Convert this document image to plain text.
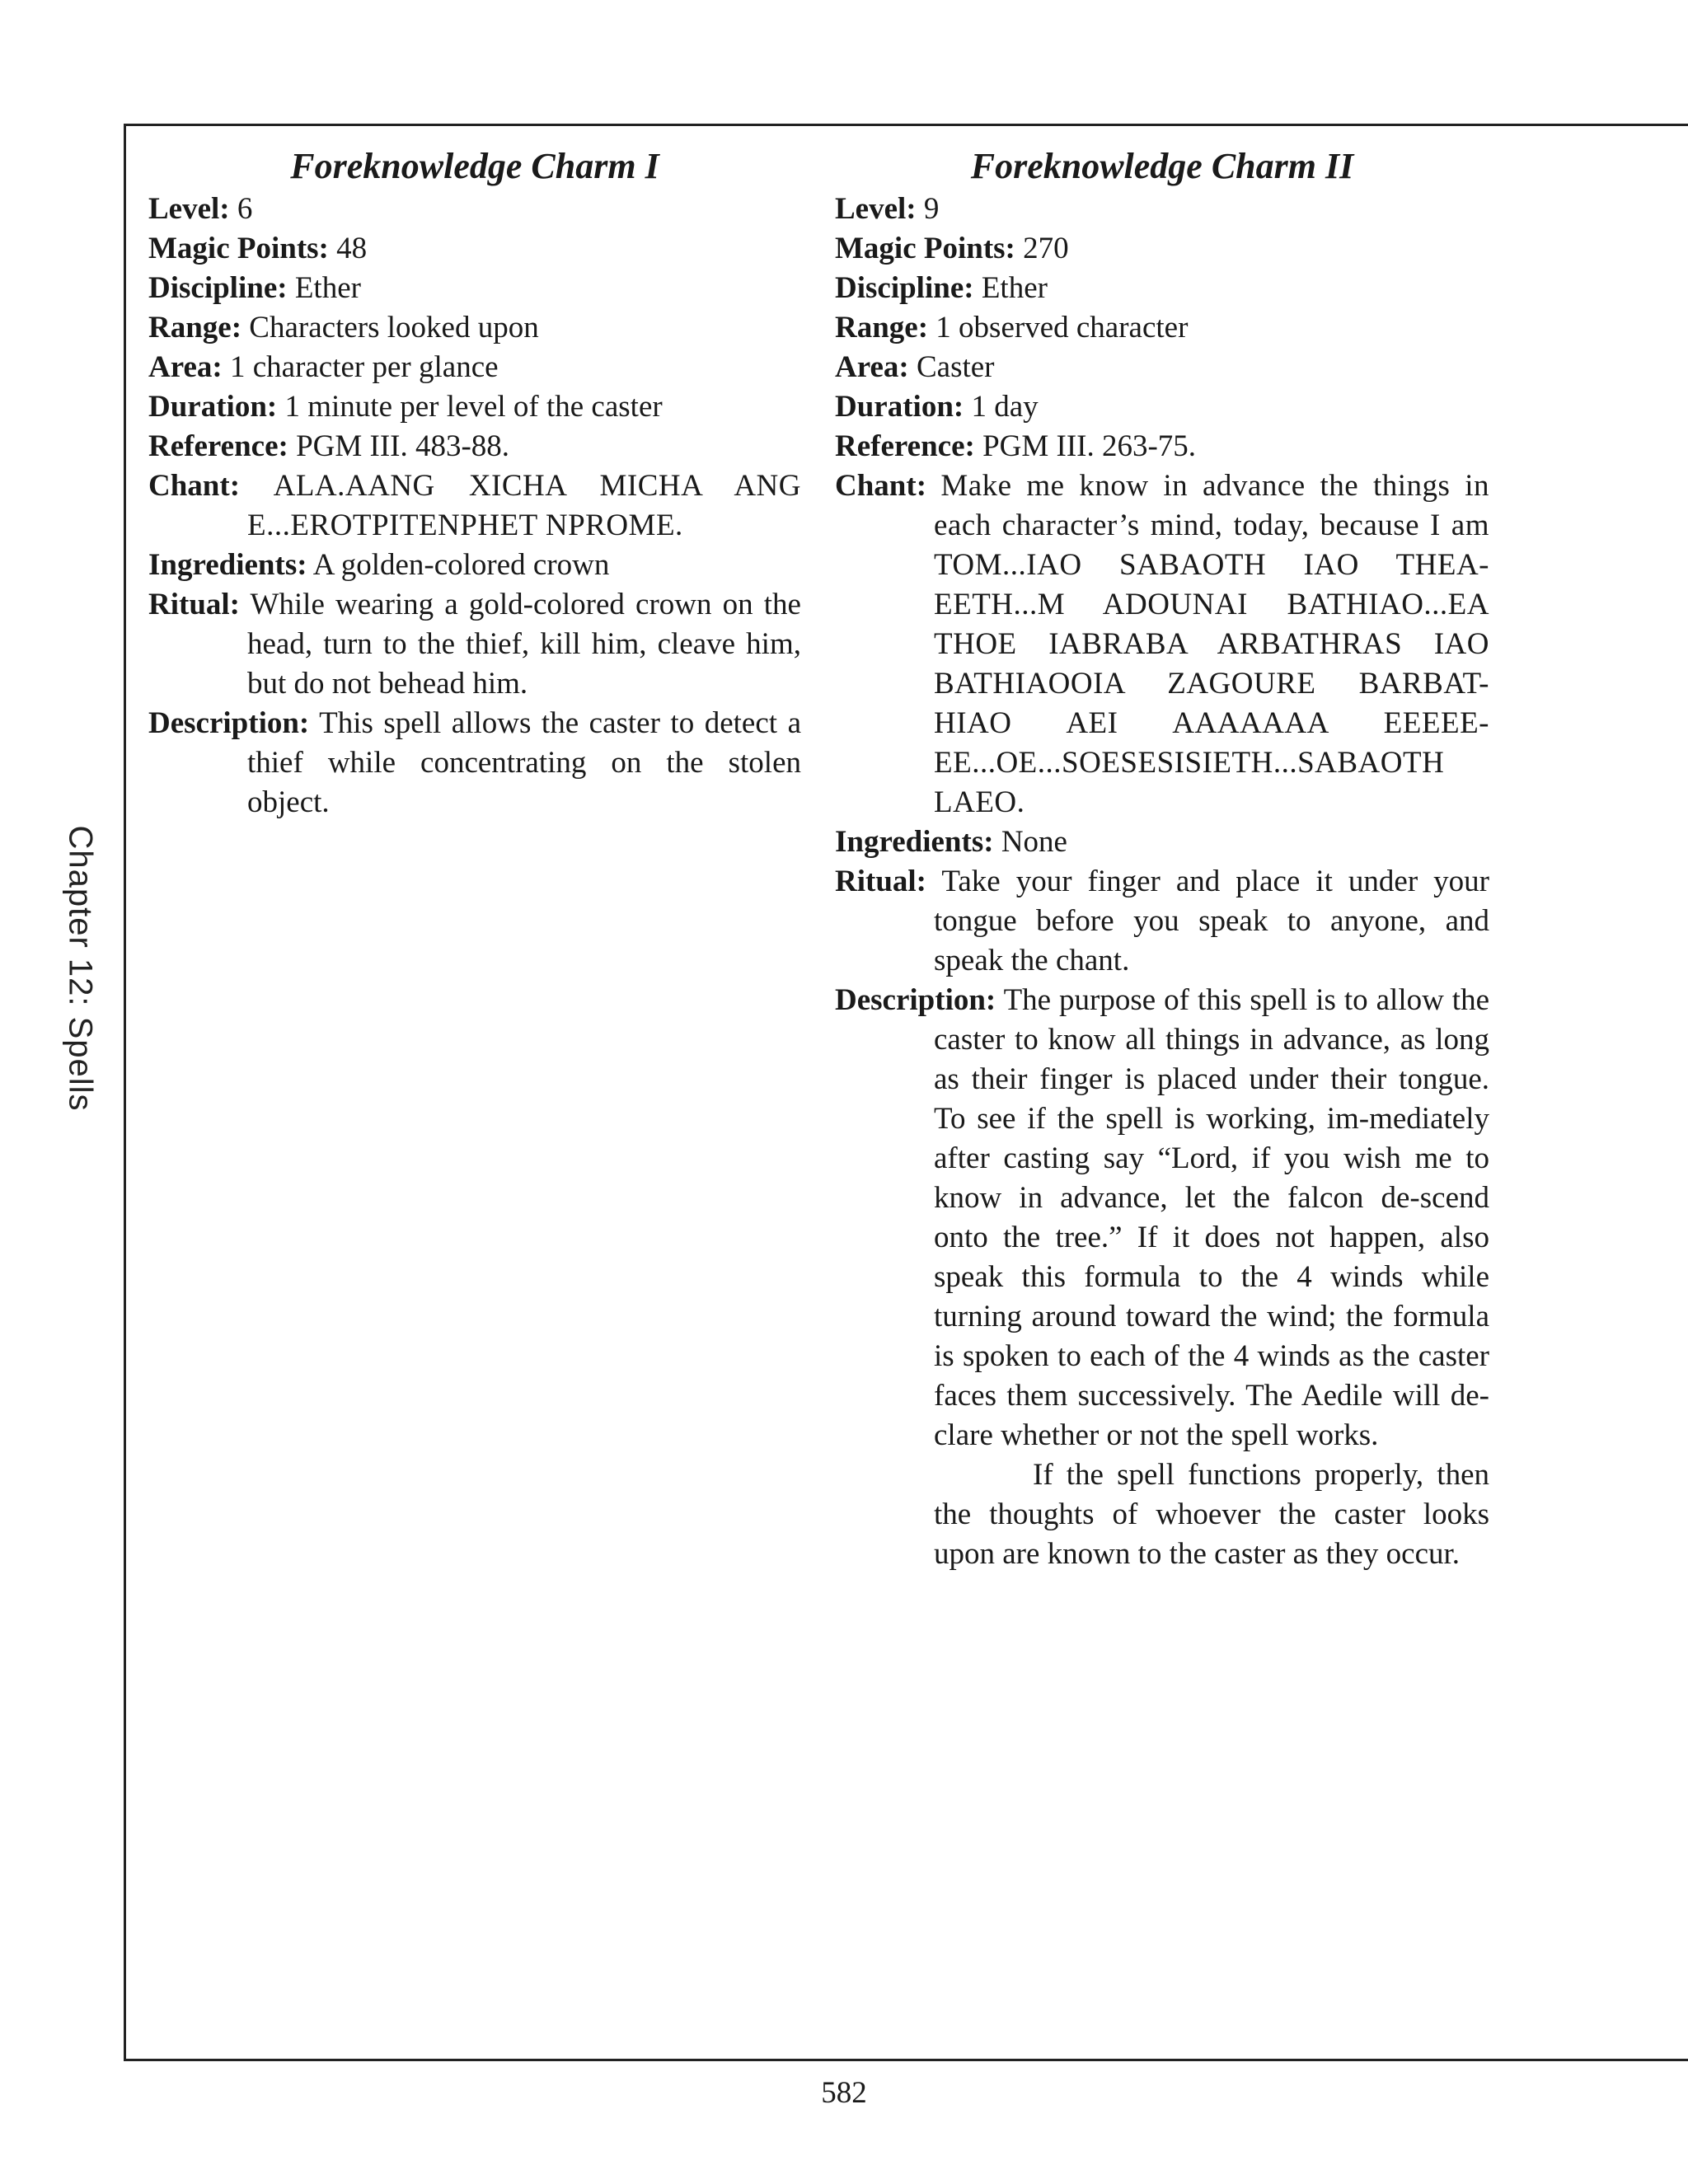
Chapter 12: Spells
Foreknowledge Charm I

Level: 6

Magic Points: 48

Discipline: Ether

Range: Characters looked upon

Area: 1 character per glance

Duration: 1 minute per level of the caster

Reference: PGM III. 483-88.

Chant: ALA.AANG XICHA MICHA ANG E...EROTPITENPHET NPROME.

Ingredients: A golden-colored crown

Ritual: While wearing a gold-colored crown on the head, turn to the thief, kill him, cleave him, but do not behead him.

Description: This spell allows the caster to detect a thief while concentrating on the stolen object.

Foreknowledge Charm II

Level: 9

Magic Points: 270

Discipline: Ether

Range: 1 observed character

Area: Caster

Duration: 1 day

Reference: PGM III. 263-75.

Chant: Make me know in advance the things in each character’s mind, today, because I am TOM...IAO SABAOTH IAO THEA-EETH...M ADOUNAI BATHIAO...EA THOE IABRABA ARBATHRAS IAO BATHIAOOIA ZAGOURE BARBAT-HIAO AEI AAAAAAA EEEEE-EE...OE...SOESESISIETH...SABAOTH LAEO.

Ingredients: None

Ritual: Take your finger and place it under your tongue before you speak to anyone, and speak the chant.

Description: The purpose of this spell is to allow the caster to know all things in advance, as long as their finger is placed under their tongue. To see if the spell is working, im-mediately after casting say “Lord, if you wish me to know in advance, let the falcon de-scend onto the tree.” If it does not happen, also speak this formula to the 4 winds while turning around toward the wind; the formula is spoken to each of the 4 winds as the caster faces them successively. The Aedile will de-clare whether or not the spell works.

If the spell functions properly, then the thoughts of whoever the caster looks upon are known to the caster as they occur.

582
